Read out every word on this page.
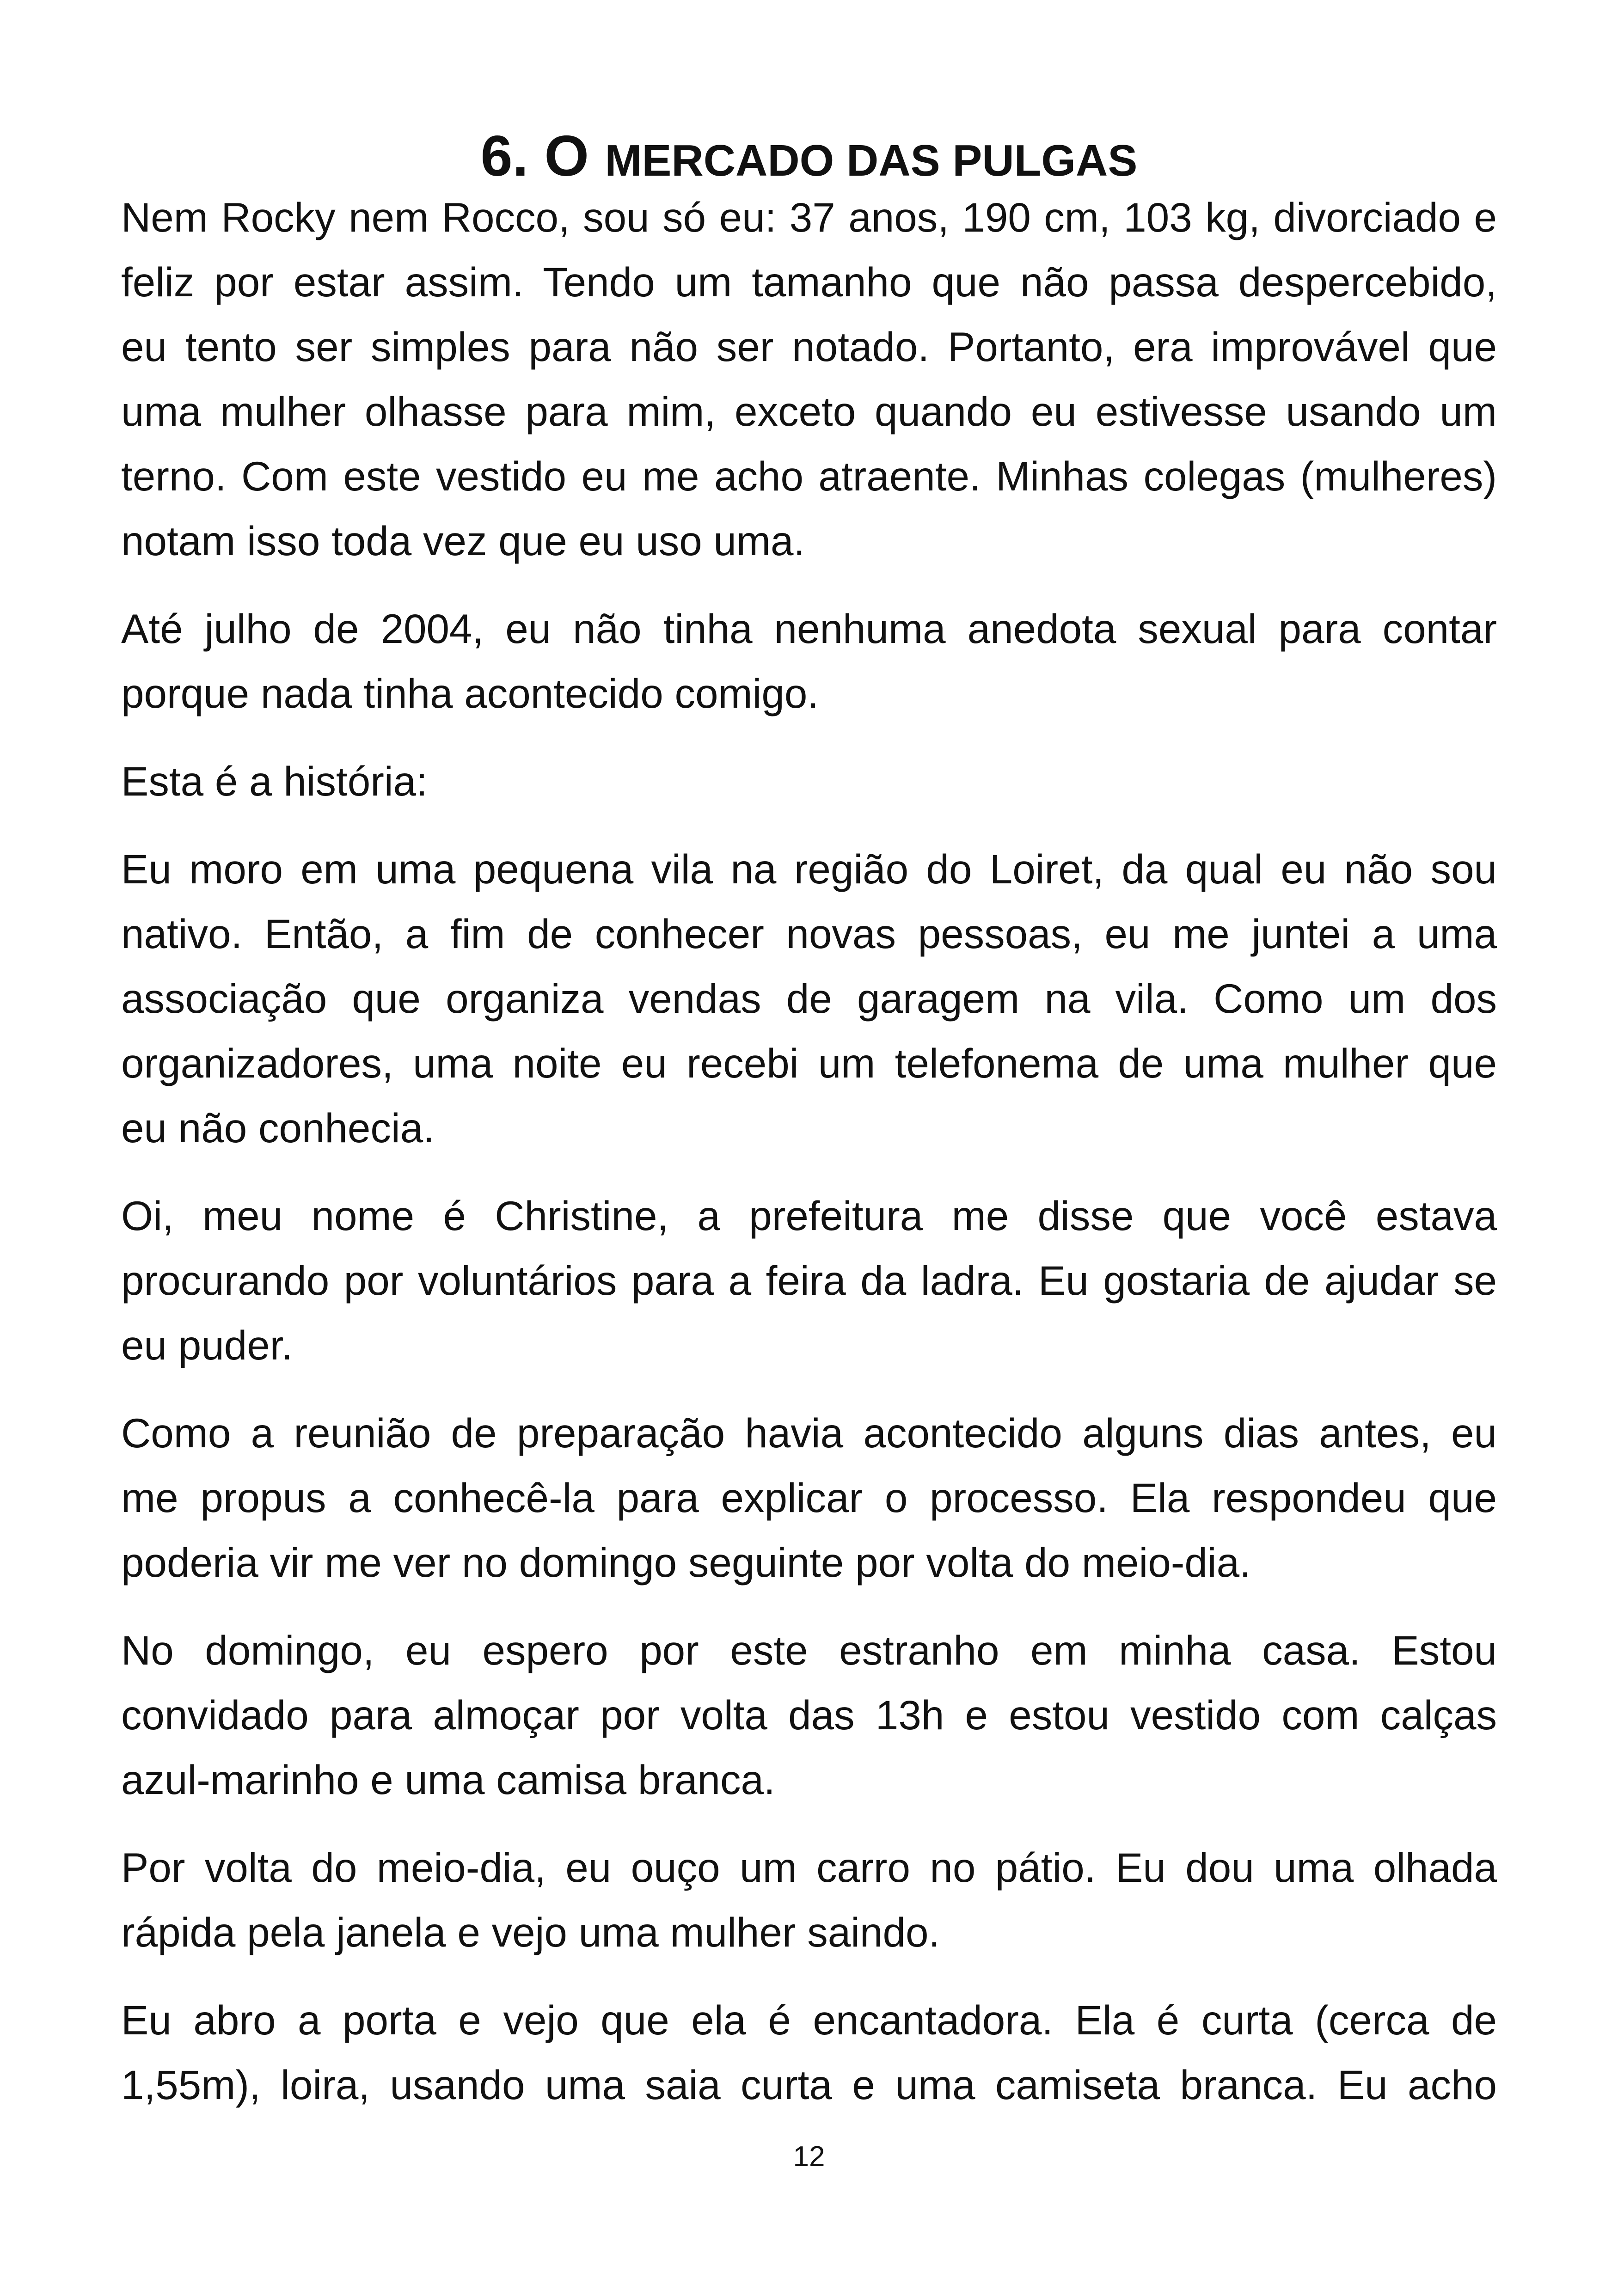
6. O MERCADO DAS PULGAS
Nem Rocky nem Rocco, sou só eu: 37 anos, 190 cm, 103 kg, divorciado e
feliz por estar assim. Tendo um tamanho que não passa despercebido,
eu tento ser simples para não ser notado. Portanto, era improvável que
uma mulher olhasse para mim, exceto quando eu estivesse usando um
terno. Com este vestido eu me acho atraente. Minhas colegas (mulheres)
notam isso toda vez que eu uso uma.
Até julho de 2004, eu não tinha nenhuma anedota sexual para contar
porque nada tinha acontecido comigo.
Esta é a história:
Eu moro em uma pequena vila na região do Loiret, da qual eu não sou
nativo. Então, a fim de conhecer novas pessoas, eu me juntei a uma
associação que organiza vendas de garagem na vila. Como um dos
organizadores, uma noite eu recebi um telefonema de uma mulher que
eu não conhecia.
Oi, meu nome é Christine, a prefeitura me disse que você estava
procurando por voluntários para a feira da ladra. Eu gostaria de ajudar se
eu puder.
Como a reunião de preparação havia acontecido alguns dias antes, eu
me propus a conhecê-la para explicar o processo. Ela respondeu que
poderia vir me ver no domingo seguinte por volta do meio-dia.
No domingo, eu espero por este estranho em minha casa. Estou
convidado para almoçar por volta das 13h e estou vestido com calças
azul-marinho e uma camisa branca.
Por volta do meio-dia, eu ouço um carro no pátio. Eu dou uma olhada
rápida pela janela e vejo uma mulher saindo.
Eu abro a porta e vejo que ela é encantadora. Ela é curta (cerca de
1,55m), loira, usando uma saia curta e uma camiseta branca. Eu acho
12
